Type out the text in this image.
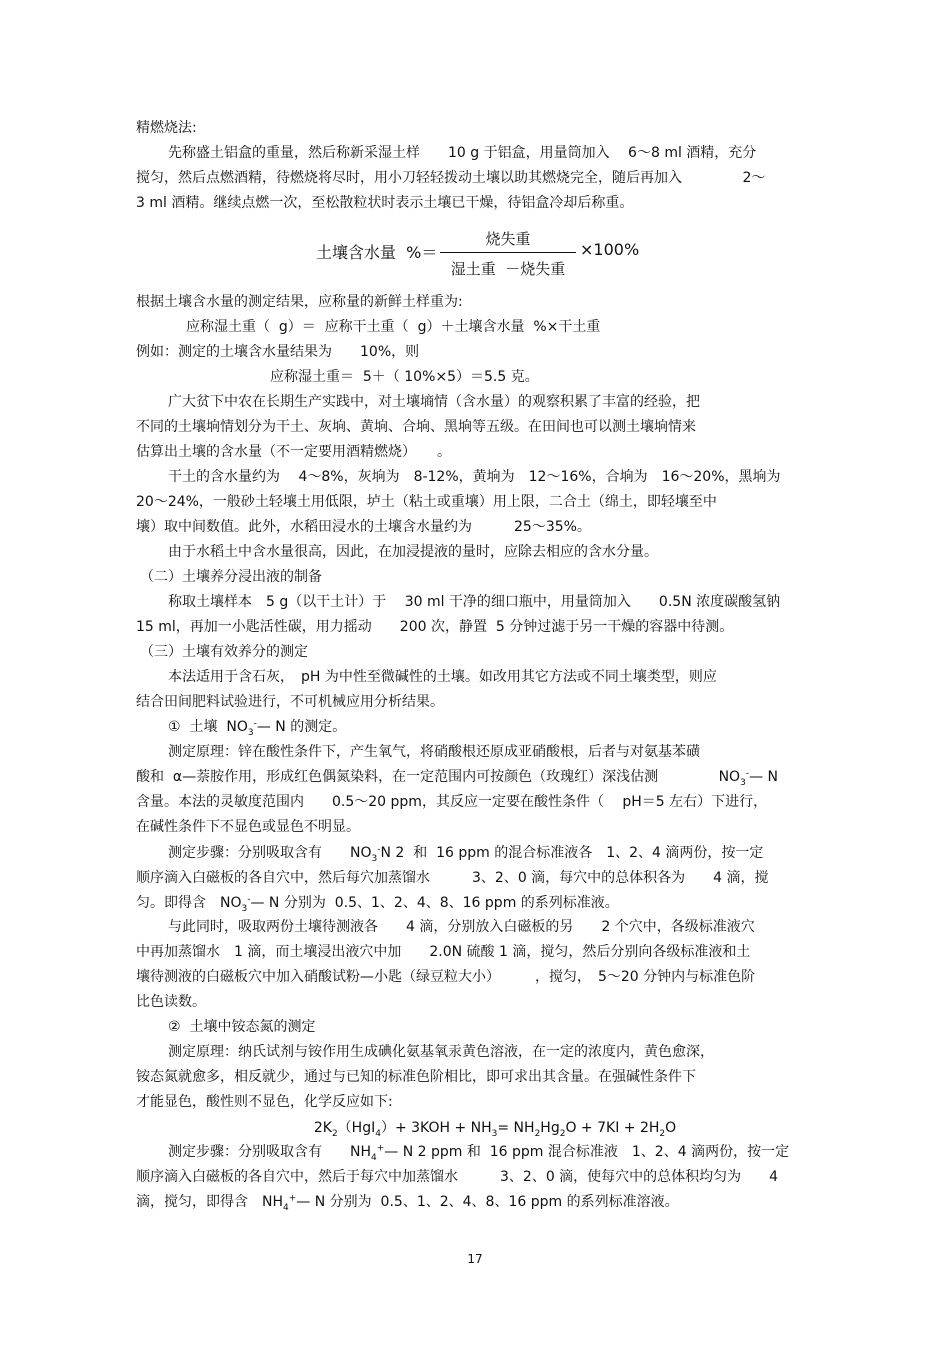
精燃烧法:
先称盛土铝盒的重量，然后称新采湿土样　　10 g 于铝盒，用量筒加入　 6～8 ml 酒精，充分
搅匀，然后点燃酒精，待燃烧将尽时，用小刀轻轻拨动土壤以助其燃烧完全，随后再加入　　　　 2～
3 ml 酒精。继续点燃一次，至松散粒状时表示土壤已干燥，待铝盒冷却后称重。
土壤含水量  %＝
烧失重
湿土重  －烧失重
×100%
根据土壤含水量的测定结果，应称量的新鲜土样重为:
应称湿土重（  g）＝  应称干土重（  g）＋土壤含水量  %×干土重
例如：测定的土壤含水量结果为　　10%，则
应称湿土重＝  5＋（ 10%×5）＝5.5 克。
广大贫下中农在长期生产实践中，对土壤墒情（含水量）的观察积累了丰富的经验，把
不同的土壤垧情划分为干土、灰垧、黄垧、合垧、黑垧等五级。在田间也可以测土壤垧情来
估算出土壤的含水量（不一定要用酒精燃烧）　　。
干土的含水量约为　 4～8%，灰垧为　8-12%，黄垧为　12～16%，合垧为　16～20%，黑垧为
20～24%，一般砂土轻壤土用低限，垆土（粘土或重壤）用上限，二合土（绵土，即轻壤至中
壤）取中间数值。此外，水稻田浸水的土壤含水量约为　　　25～35%。
由于水稻土中含水量很高，因此，在加浸提液的量时，应除去相应的含水分量。
（二）土壤养分浸出液的制备
称取土壤样本　5 g（以干土计）于　 30 ml 干净的细口瓶中，用量筒加入　　0.5N 浓度碳酸氢钠
15 ml，再加一小匙活性碳，用力摇动　　200 次，静置  5 分钟过滤于另一干燥的容器中待测。
（三）土壤有效养分的测定
本法适用于含石灰，　pH 为中性至微碱性的土壤。如改用其它方法或不同土壤类型，则应
结合田间肥料试验进行，不可机械应用分析结果。
①  土壤  $NO_3^-—$ N 的测定。
测定原理：锌在酸性条件下，产生氧气，将硝酸根还原成亚硝酸根，后者与对氨基苯磺
酸和  α—萘胺作用，形成红色偶氮染料，在一定范围内可按颜色（玫瑰红）深浅估测　　　　 $NO_3^-—$ N
含量。本法的灵敏度范围内　　0.5～20 ppm，其反应一定要在酸性条件（　 pH＝5 左右）下进行，
在碱性条件下不显色或显色不明显。
测定步骤：分别吸取含有　　$NO_3^-N$ 2  和  16 ppm 的混合标准液各　1、2、4 滴两份，按一定
顺序滴入白磁板的各自穴中，然后每穴加蒸馏水　　　3、2、0 滴，每穴中的总体积各为　　4 滴，搅
匀。即得含　$NO_3^-—$ N 分别为  0.5、1、2、4、8、16 ppm 的系列标准液。
与此同时，吸取两份土壤待测液各　　4 滴，分别放入白磁板的另　　2 个穴中，各级标准液穴
中再加蒸馏水　1 滴，而土壤浸出液穴中加　　2.0N 硫酸 1 滴，搅匀，然后分别向各级标准液和土
壤待测液的白磁板穴中加入硝酸试粉—小匙（绿豆粒大小）　　　，搅匀，　5～20 分钟内与标准色阶
比色读数。
②  土壤中铵态氮的测定
测定原理：纳氏试剂与铵作用生成碘化氨基氧汞黄色溶液，在一定的浓度内，黄色愈深，
铵态氮就愈多，相反就少，通过与已知的标准色阶相比，即可求出其含量。在强碱性条件下
才能显色，酸性则不显色，化学反应如下:
$2K_2(HgI_4)+ 3KOH + NH_3= NH_2Hg_2O + 7KI + 2H_2O$
测定步骤：分别吸取含有　　$NH_4^+—$ N 2 ppm 和  16 ppm 混合标准液　1、2、4 滴两份，按一定
顺序滴入白磁板的各自穴中，然后于每穴中加蒸馏水　　　3、2、0 滴，使每穴中的总体积均匀为　　4
滴，搅匀，即得含　$NH_4^+—$ N 分别为  0.5、1、2、4、8、16 ppm 的系列标准溶液。
17
